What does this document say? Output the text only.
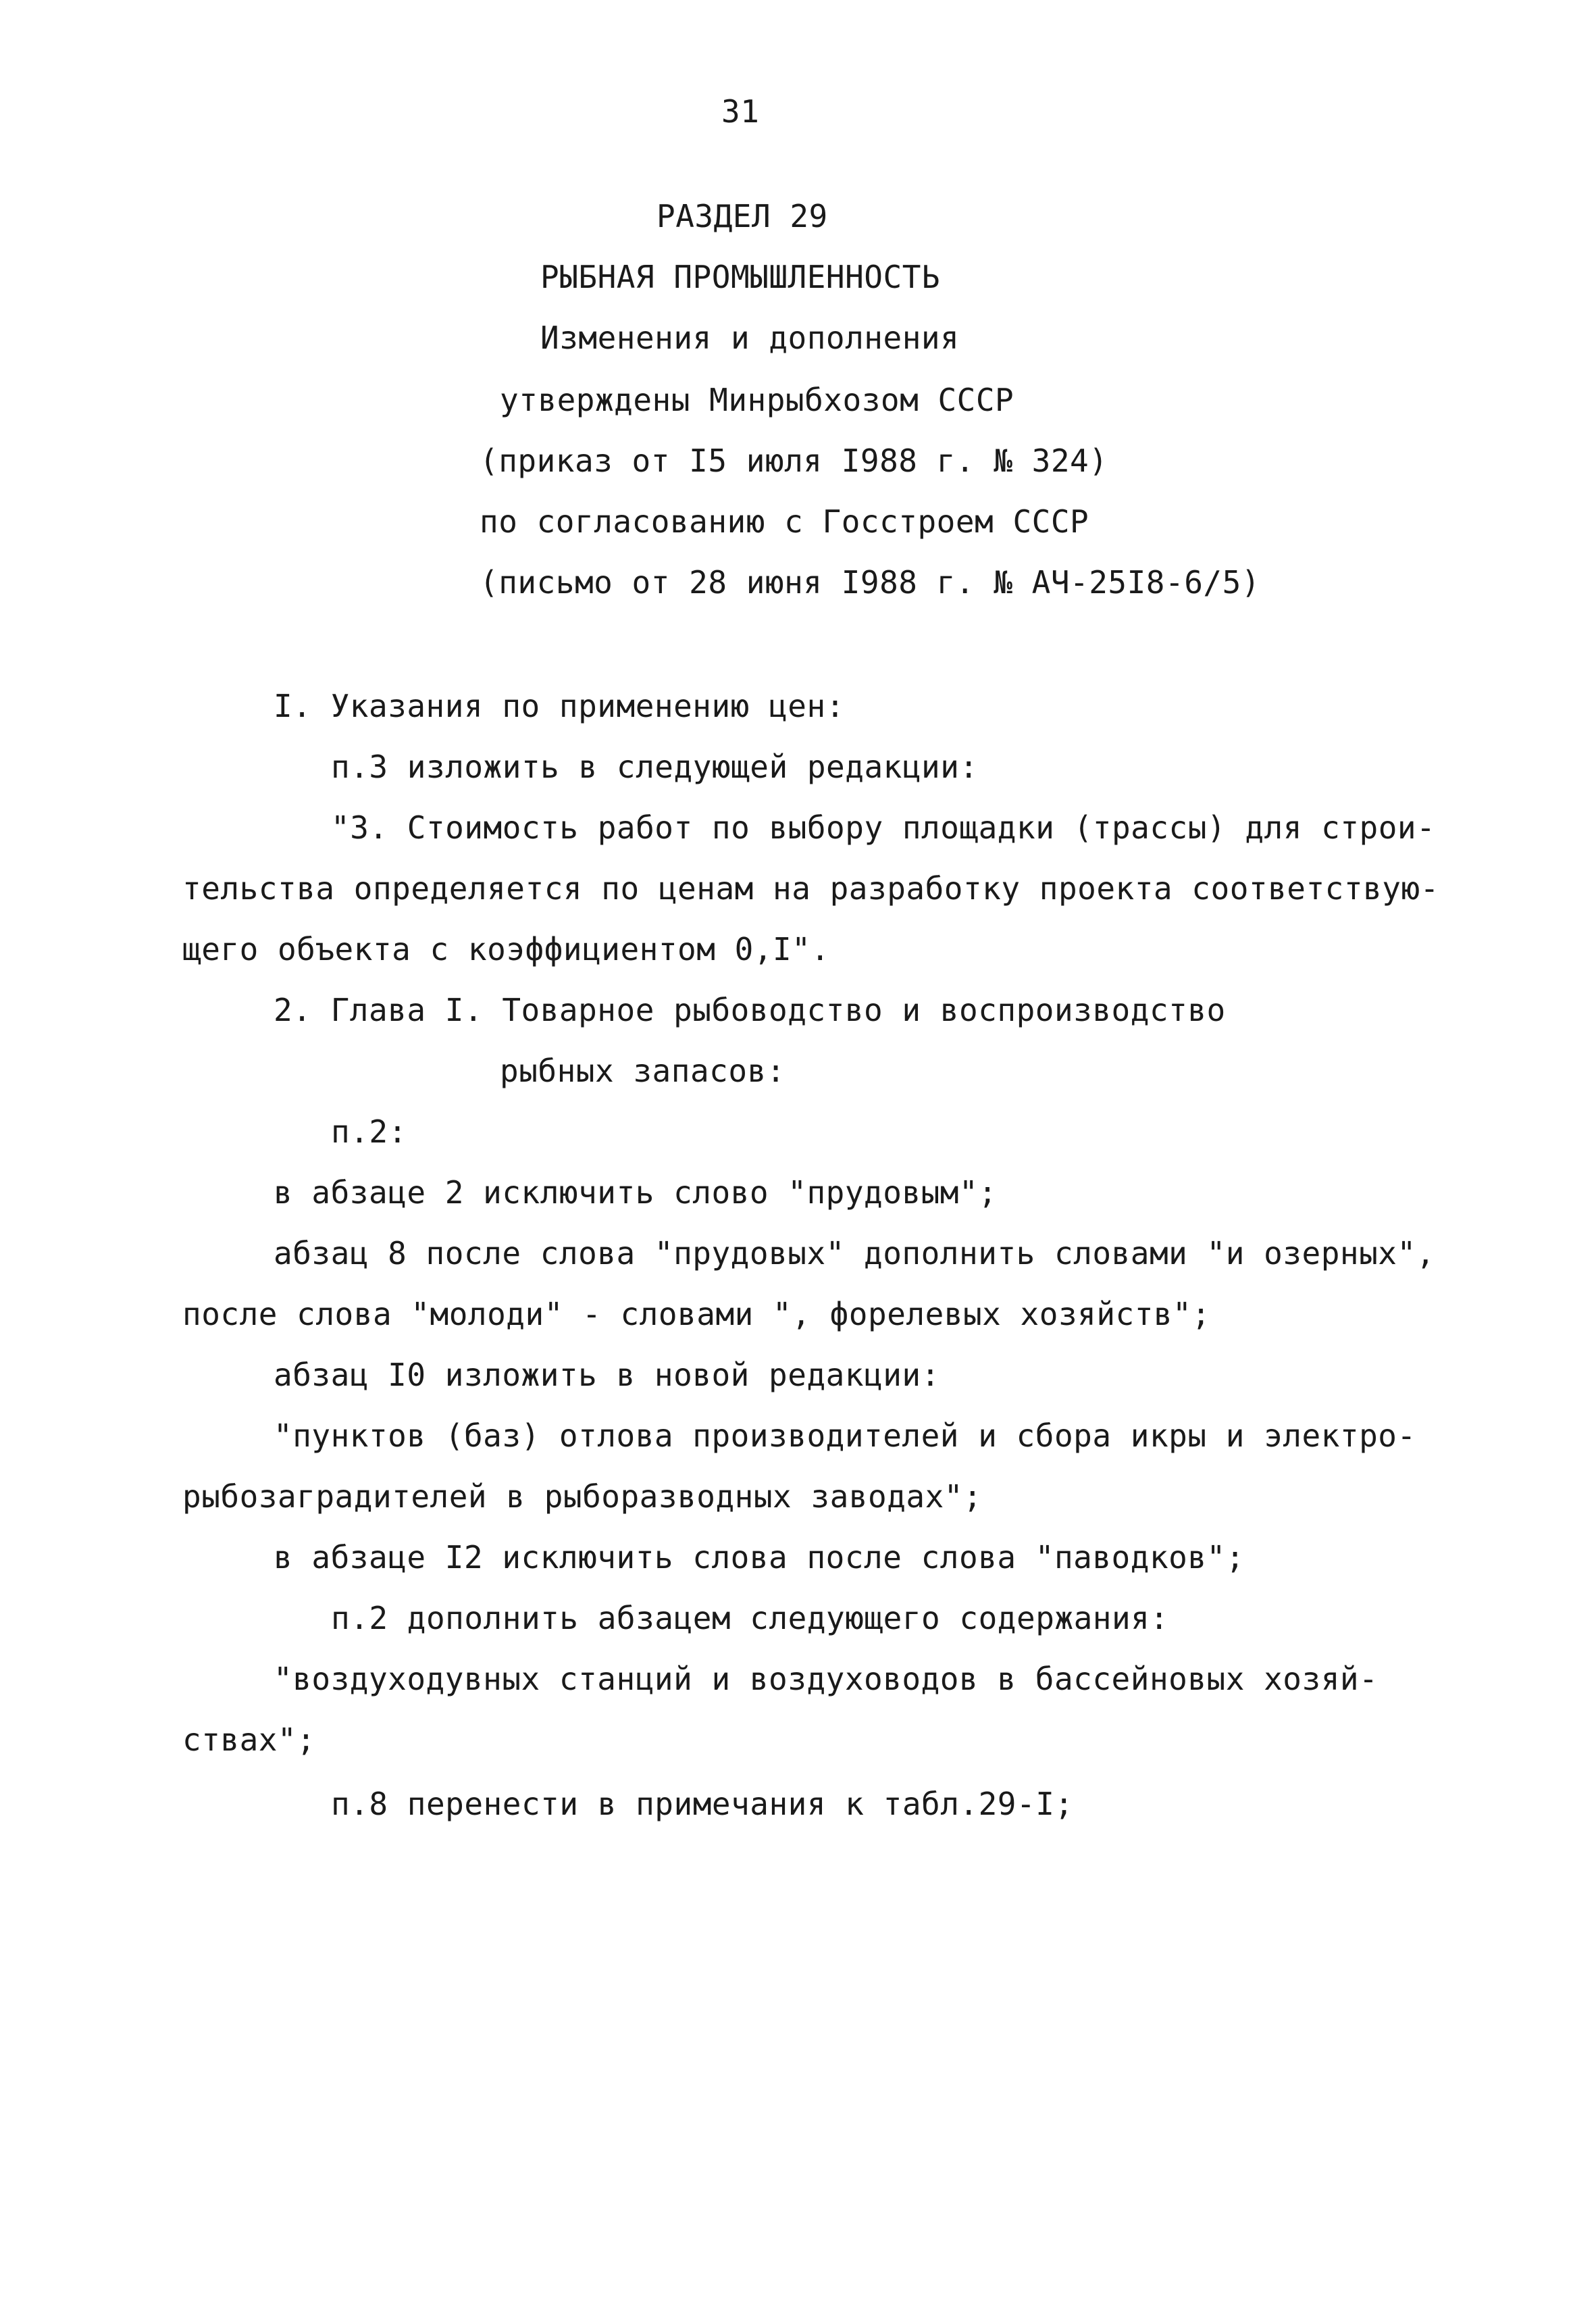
31

РАЗДЕЛ 29

РЫБНАЯ ПРОМЫШЛЕННОСТЬ

Изменения и дополнения

утверждены Минрыбхозом СССР

(приказ от I5 июля I988 г. № 324)

по согласованию с Госстроем СССР

(письмо от 28 июня I988 г. № АЧ-25I8-6/5)

I. Указания по применению цен:

п.3 изложить в следующей редакции:

"3. Стоимость работ по выбору площадки (трассы) для строи-

тельства определяется по ценам на разработку проекта соответствую-

щего объекта с коэффициентом 0,I".

2. Глава I. Товарное рыбоводство и воспроизводство

рыбных запасов:

п.2:

в абзаце 2 исключить слово "прудовым";

абзац 8 после слова "прудовых" дополнить словами "и озерных",

после слова "молоди" - словами ", форелевых хозяйств";

абзац I0 изложить в новой редакции:

"пунктов (баз) отлова производителей и сбора икры и электро-

рыбозаградителей в рыборазводных заводах";

в абзаце I2 исключить слова после слова "паводков";

п.2 дополнить абзацем следующего содержания:

"воздуходувных станций и воздуховодов в бассейновых хозяй-

ствах";

п.8 перенести в примечания к табл.29-I;
